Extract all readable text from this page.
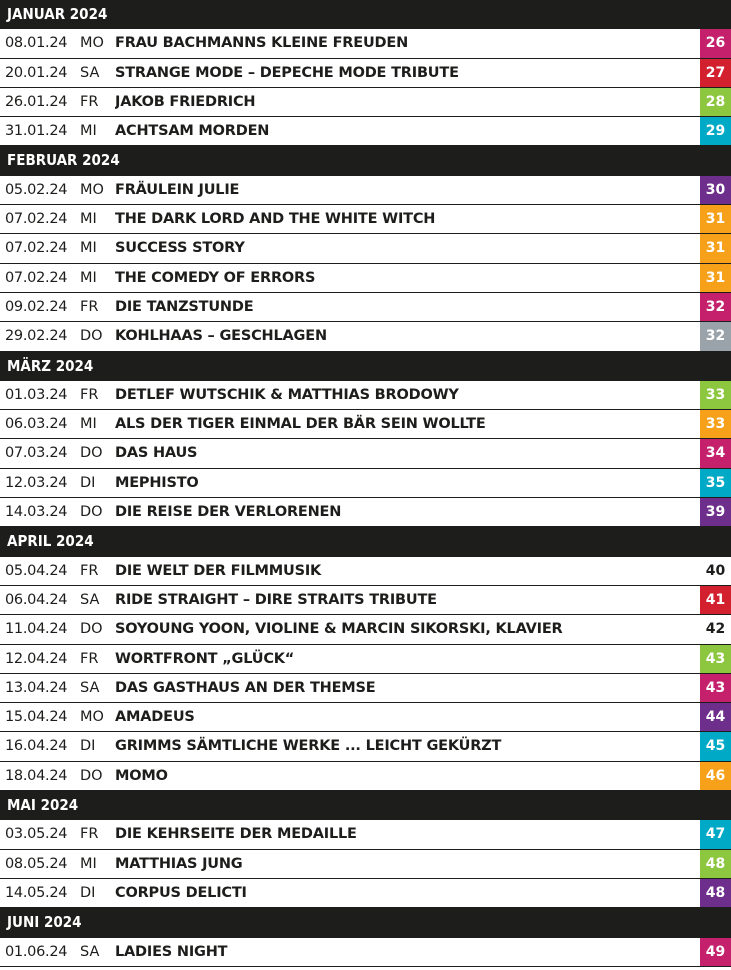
JANUAR 2024
08.01.24 MO FRAU BACHMANNS KLEINE FREUDEN	26
20.01.24 SA	STRANGE MODE – DEPECHE MODE TRIBUTE	27
26.01.24 FR	JAKOB FRIEDRICH	28
31.01.24 MI	ACHTSAM MORDEN	29
FEBRUAR 2024
05.02.24 MO FRÄULEIN JULIE	30
07.02.24 MI	THE DARK LORD AND THE WHITE WITCH	31
07.02.24 MI	SUCCESS STORY	31
07.02.24 MI	THE COMEDY OF ERRORS	31
09.02.24 FR	DIE TANZSTUNDE	32
29.02.24 DO KOHLHAAS – GESCHLAGEN	32
MÄRZ 2024
01.03.24 FR	DETLEF WUTSCHIK & MATTHIAS BRODOWY	33
06.03.24 MI	ALS DER TIGER EINMAL DER BÄR SEIN WOLLTE	33
07.03.24 DO DAS HAUS	34
12.03.24 DI	MEPHISTO	35
14.03.24 DO DIE REISE DER VERLORENEN	39
APRIL 2024
05.04.24 FR	DIE WELT DER FILMMUSIK	40
06.04.24 SA	RIDE STRAIGHT – DIRE STRAITS TRIBUTE	41
11.04.24 DO SOYOUNG YOON, VIOLINE & MARCIN SIKORSKI, KLAVIER	42
12.04.24 FR	WORTFRONT „GLÜCK“	43
13.04.24 SA	DAS GASTHAUS AN DER THEMSE	43
15.04.24 MO AMADEUS	44
16.04.24 DI	GRIMMS SÄMTLICHE WERKE ... LEICHT GEKÜRZT	45
18.04.24 DO MOMO	46
MAI 2024
03.05.24 FR	DIE KEHRSEITE DER MEDAILLE	47
08.05.24 MI	MATTHIAS JUNG	48
14.05.24 DI	CORPUS DELICTI	48
JUNI 2024
01.06.24 SA	LADIES NIGHT	49
